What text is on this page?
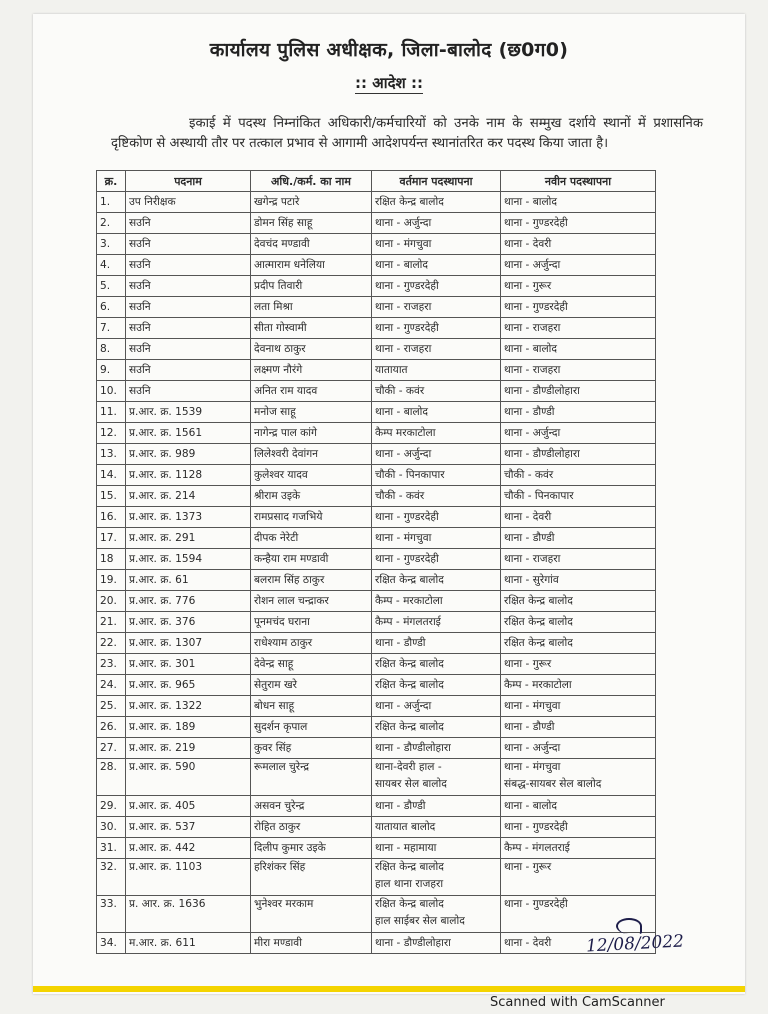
कार्यालय पुलिस अधीक्षक, जिला-बालोद (छ0ग0)
:: आदेश ::
इकाई में पदस्थ निम्नांकित अधिकारी/कर्मचारियों को उनके नाम के सम्मुख दर्शाये स्थानों में प्रशासनिक दृष्टिकोण से अस्थायी तौर पर तत्काल प्रभाव से आगामी आदेशपर्यन्त स्थानांतरित कर पदस्थ किया जाता है।
क्र.	पदनाम	अधि./कर्म. का नाम	वर्तमान पदस्थापना	नवीन पदस्थापना
1.	उप निरीक्षक	खगेन्द्र पटारे	रक्षित केन्द्र बालोद	थाना - बालोद
2.	सउनि	डोमन सिंह साहू	थाना - अर्जुन्दा	थाना - गुण्डरदेही
3.	सउनि	देवचंद मण्डावी	थाना - मंगचुवा	थाना - देवरी
4.	सउनि	आत्माराम धनेलिया	थाना - बालोद	थाना - अर्जुन्दा
5.	सउनि	प्रदीप तिवारी	थाना - गुण्डरदेही	थाना - गुरूर
6.	सउनि	लता मिश्रा	थाना - राजहरा	थाना - गुण्डरदेही
7.	सउनि	सीता गोस्वामी	थाना - गुण्डरदेही	थाना - राजहरा
8.	सउनि	देवनाथ ठाकुर	थाना - राजहरा	थाना - बालोद
9.	सउनि	लक्ष्मण नौरंगे	यातायात	थाना - राजहरा
10.	सउनि	अनित राम यादव	चौकी - कवंर	थाना - डौण्डीलोहारा
11.	प्र.आर. क्र. 1539	मनोज साहू	थाना - बालोद	थाना - डौण्डी
12.	प्र.आर. क्र. 1561	नागेन्द्र पाल कांगे	कैम्प मरकाटोला	थाना - अर्जुन्दा
13.	प्र.आर. क्र. 989	लिलेश्वरी देवांगन	थाना - अर्जुन्दा	थाना - डौण्डीलोहारा
14.	प्र.आर. क्र. 1128	कुलेश्वर यादव	चौकी - पिनकापार	चौकी - कवंर
15.	प्र.आर. क्र. 214	श्रीराम उइके	चौकी - कवंर	चौकी - पिनकापार
16.	प्र.आर. क्र. 1373	रामप्रसाद गजभिये	थाना - गुण्डरदेही	थाना - देवरी
17.	प्र.आर. क्र. 291	दीपक नेरेटी	थाना - मंगचुवा	थाना - डौण्डी
18	प्र.आर. क्र. 1594	कन्हैया राम मण्डावी	थाना - गुण्डरदेही	थाना - राजहरा
19.	प्र.आर. क्र. 61	बलराम सिंह ठाकुर	रक्षित केन्द्र बालोद	थाना - सुरेगांव
20.	प्र.आर. क्र. 776	रोशन लाल चन्द्राकर	कैम्प - मरकाटोला	रक्षित केन्द्र बालोद
21.	प्र.आर. क्र. 376	पूनमचंद घराना	कैम्प - मंगलतराई	रक्षित केन्द्र बालोद
22.	प्र.आर. क्र. 1307	राधेश्याम ठाकुर	थाना - डौण्डी	रक्षित केन्द्र बालोद
23.	प्र.आर. क्र. 301	देवेन्द्र साहू	रक्षित केन्द्र बालोद	थाना - गुरूर
24.	प्र.आर. क्र. 965	सेतुराम खरे	रक्षित केन्द्र बालोद	कैम्प - मरकाटोला
25.	प्र.आर. क्र. 1322	बोधन साहू	थाना - अर्जुन्दा	थाना - मंगचुवा
26.	प्र.आर. क्र. 189	सुदर्शन कृपाल	रक्षित केन्द्र बालोद	थाना - डौण्डी
27.	प्र.आर. क्र. 219	कुवर सिंह	थाना - डौण्डीलोहारा	थाना - अर्जुन्दा
28.	प्र.आर. क्र. 590	रूमलाल चुरेन्द्र	थाना-देवरी हाल -
सायबर सेल बालोद	थाना - मंगचुवा
संबद्ध-सायबर सेल बालोद

29.	प्र.आर. क्र. 405	असवन चुरेन्द्र	थाना - डौण्डी	थाना - बालोद
30.	प्र.आर. क्र. 537	रोहित ठाकुर	यातायात बालोद	थाना - गुण्डरदेही
31.	प्र.आर. क्र. 442	दिलीप कुमार उइके	थाना - महामाया	कैम्प - मंगलतराई
32.	प्र.आर. क्र. 1103	हरिशंकर सिंह	रक्षित केन्द्र बालोद
हाल थाना राजहरा	थाना - गुरूर
33.	प्र. आर. क्र. 1636	भुनेश्वर मरकाम	रक्षित केन्द्र बालोद
हाल साईबर सेल बालोद	थाना - गुण्डरदेही
34.	म.आर. क्र. 611	मीरा मण्डावी	थाना - डौण्डीलोहारा	थाना - देवरी 12/08/2022
Scanned with CamScanner
